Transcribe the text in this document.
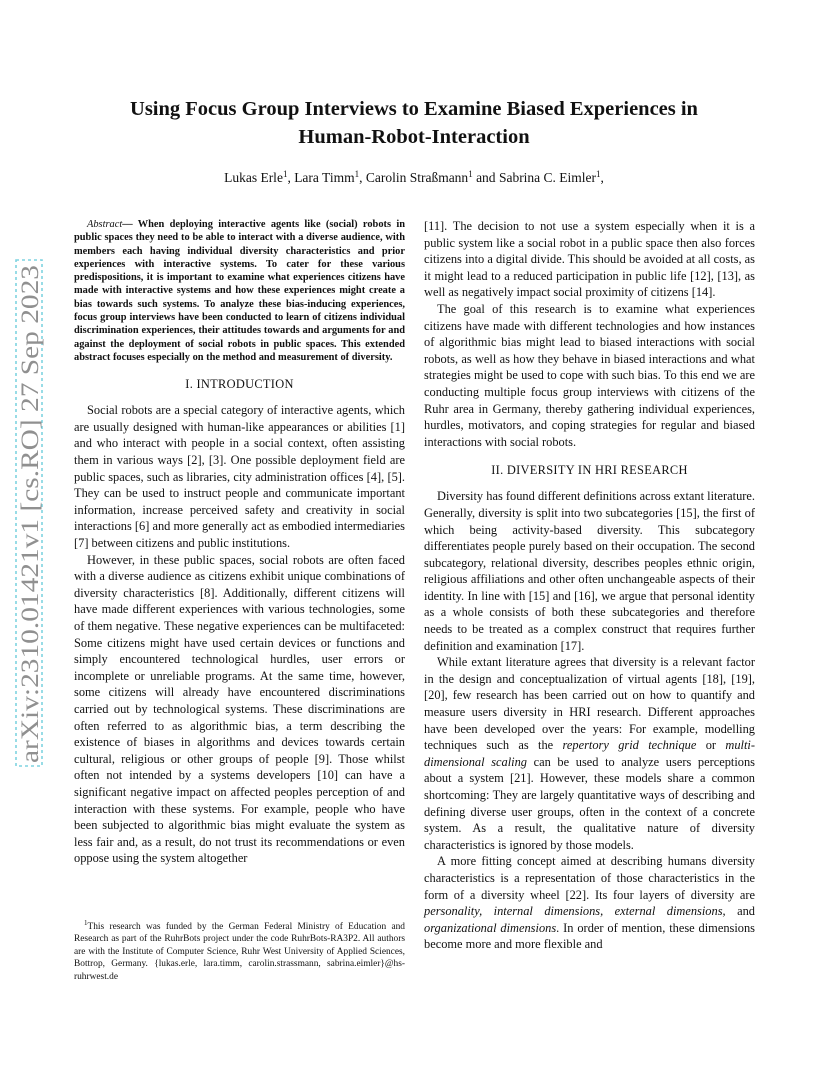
arXiv:2310.01421v1 [cs.RO] 27 Sep 2023
Using Focus Group Interviews to Examine Biased Experiences in
Human-Robot-Interaction

Lukas Erle$^1$, Lara Timm$^1$, Carolin Straßmann$^1$ and Sabrina C. Eimler$^1$,

Abstract— When deploying interactive agents like (social) robots in public spaces they need to be able to interact with a diverse audience, with members each having individual diversity characteristics and prior experiences with interactive systems. To cater for these various predispositions, it is important to examine what experiences citizens have made with interactive systems and how these experiences might create a bias towards such systems. To analyze these bias-inducing experiences, focus group interviews have been conducted to learn of citizens individual discrimination experiences, their attitudes towards and arguments for and against the deployment of social robots in public spaces. This extended abstract focuses especially on the method and measurement of diversity.

I. INTRODUCTION

Social robots are a special category of interactive agents, which are usually designed with human-like appearances or abilities [1] and who interact with people in a social context, often assisting them in various ways [2], [3]. One possible deployment field are public spaces, such as libraries, city administration offices [4], [5]. They can be used to instruct people and communicate important information, increase perceived safety and creativity in social interactions [6] and more generally act as embodied intermediaries [7] between citizens and public institutions.

However, in these public spaces, social robots are often faced with a diverse audience as citizens exhibit unique combinations of diversity characteristics [8]. Additionally, different citizens will have made different experiences with various technologies, some of them negative. These negative experiences can be multifaceted: Some citizens might have used certain devices or functions and simply encountered technological hurdles, user errors or incomplete or unreliable programs. At the same time, however, some citizens will already have encountered discriminations carried out by technological systems. These discriminations are often referred to as algorithmic bias, a term describing the existence of biases in algorithms and devices towards certain cultural, religious or other groups of people [9]. Those whilst often not intended by a systems developers [10] can have a significant negative impact on affected peoples perception of and interaction with these systems. For example, people who have been subjected to algorithmic bias might evaluate the system as less fair and, as a result, do not trust its recommendations or even oppose using the system altogether

$^1$This research was funded by the German Federal Ministry of Education and Research as part of the RuhrBots project under the code RuhrBots-RA3P2. All authors are with the Institute of Computer Science, Ruhr West University of Applied Sciences, Bottrop, Germany. {lukas.erle, lara.timm, carolin.strassmann, sabrina.eimler}@hs-ruhrwest.de

[11]. The decision to not use a system especially when it is a public system like a social robot in a public space then also forces citizens into a digital divide. This should be avoided at all costs, as it might lead to a reduced participation in public life [12], [13], as well as negatively impact social proximity of citizens [14].

The goal of this research is to examine what experiences citizens have made with different technologies and how instances of algorithmic bias might lead to biased interactions with social robots, as well as how they behave in biased interactions and what strategies might be used to cope with such bias. To this end we are conducting multiple focus group interviews with citizens of the Ruhr area in Germany, thereby gathering individual experiences, hurdles, motivators, and coping strategies for regular and biased interactions with social robots.

II. DIVERSITY IN HRI RESEARCH

Diversity has found different definitions across extant literature. Generally, diversity is split into two subcategories [15], the first of which being activity-based diversity. This subcategory differentiates people purely based on their occupation. The second subcategory, relational diversity, describes peoples ethnic origin, religious affiliations and other often unchangeable aspects of their identity. In line with [15] and [16], we argue that personal identity as a whole consists of both these subcategories and therefore needs to be treated as a complex construct that requires further definition and examination [17].

While extant literature agrees that diversity is a relevant factor in the design and conceptualization of virtual agents [18], [19], [20], few research has been carried out on how to quantify and measure users diversity in HRI research. Different approaches have been developed over the years: For example, modelling techniques such as the repertory grid technique or multi-dimensional scaling can be used to analyze users perceptions about a system [21]. However, these models share a common shortcoming: They are largely quantitative ways of describing and defining diverse user groups, often in the context of a concrete system. As a result, the qualitative nature of diversity characteristics is ignored by those models.

A more fitting concept aimed at describing humans diversity characteristics is a representation of those characteristics in the form of a diversity wheel [22]. Its four layers of diversity are personality, internal dimensions, external dimensions, and organizational dimensions. In order of mention, these dimensions become more and more flexible and
